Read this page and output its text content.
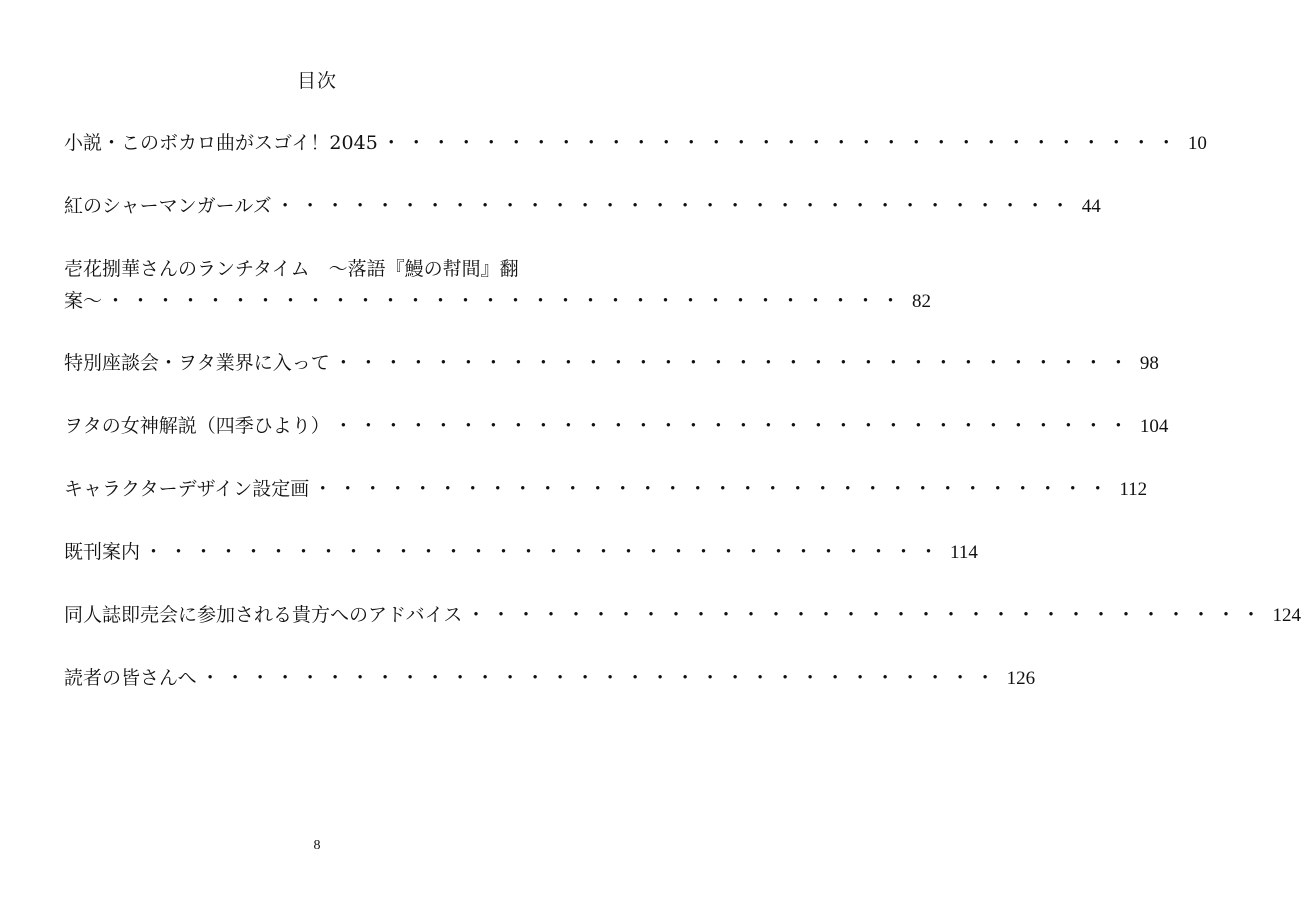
目次
小説・このボカロ曲がスゴイ！2045 ・・・・・・・・・・・・・・・・・・・・・・・・・・・・・・・・ 10
紅のシャーマンガールズ ・・・・・・・・・・・・・・・・・・・・・・・・・・・・・・・・ 44
壱花捌華さんのランチタイム　～落語『鰻の幇間』翻
案～ ・・・・・・・・・・・・・・・・・・・・・・・・・・・・・・・・ 82
特別座談会・ヲタ業界に入って ・・・・・・・・・・・・・・・・・・・・・・・・・・・・・・・・ 98
ヲタの女神解説（四季ひより） ・・・・・・・・・・・・・・・・・・・・・・・・・・・・・・・・ 104
キャラクターデザイン設定画 ・・・・・・・・・・・・・・・・・・・・・・・・・・・・・・・・ 112
既刊案内 ・・・・・・・・・・・・・・・・・・・・・・・・・・・・・・・・ 114
同人誌即売会に参加される貴方へのアドバイス ・・・・・・・・・・・・・・・・・・・・・・・・・・・・・・・・ 124
読者の皆さんへ ・・・・・・・・・・・・・・・・・・・・・・・・・・・・・・・・ 126
8
